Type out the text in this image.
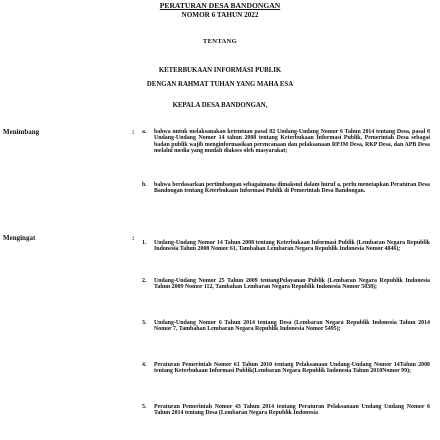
PERATURAN DESA BANDONGAN
NOMOR 6 TAHUN 2022
TENTANG
KETERBUKAAN INFORMASI PUBLIK
DENGAN RAHMAT TUHAN YANG MAHA ESA
KEPALA DESA BANDONGAN,
Menimbang	: a. bahwa untuk melaksanakan ketentuan pasal 82 Undang-Undang Nomor 6 Tahun 2014 tentang Desa, pasal 8 Undang-Undang Nomor 14 tahun 2008 tentang Keterbukaan Informasi Publik, Pemerintah Desa sebagai badan publik wajib menginformasikan perencanaan dan pelaksanaan RPJM Desa, RKP Desa, dan APB Desa melalui media yang mudah diakses oleh masyarakat;
b. bahwa berdasarkan pertimbangan sebagaimana dimaksud dalam huruf a, perlu menetapkan Peraturan Desa Bandongan tentang Keterbukaan Informasi Publik di Pemerintah Desa Bandongan.
Mengingat	:
1. Undang-Undang Nomor 14 Tahun 2008 tentang Keterbukaan Informasi Publik (Lembaran Negara Republik Indonesia Tahun 2008 Nomor 61, Tambahan Lembaran Negara Republik Indonesia Nomor 4846);
2. Undang-Undang Nomor 25 Tahun 2009 tentangPelayanan Publik (Lembaran Negara Republik Indonesia Tahun 2009 Nomor 112, Tambahan Lembaran Negara Republik Indonesia Nomor 5038);
3. Undang-Undang Nomor 6 Tahun 2014 tentang Desa (Lembaran Negara Republik Indonesia Tahun 2014 Nomor 7, Tambahan Lembaran Negara Republik Indonesia Nomor 5495);
4. Peraturan Pemerintah Nomor 61 Tahun 2010 tentang Pelaksanaan Undang-Undang Nomor 14Tahun 2008 tentang Keterbukaan Informasi Publik(Lembaran Negara Republik Indonesia Tahun 2010Nomor 99);
5. Peraturan Pemerintah Nomor 43 Tahun 2014 tentang Peraturan Pelaksanaan Undang Undang Nomor 6 Tahun 2014 tentang Desa (Lembaran Negara Republik Indonesia
